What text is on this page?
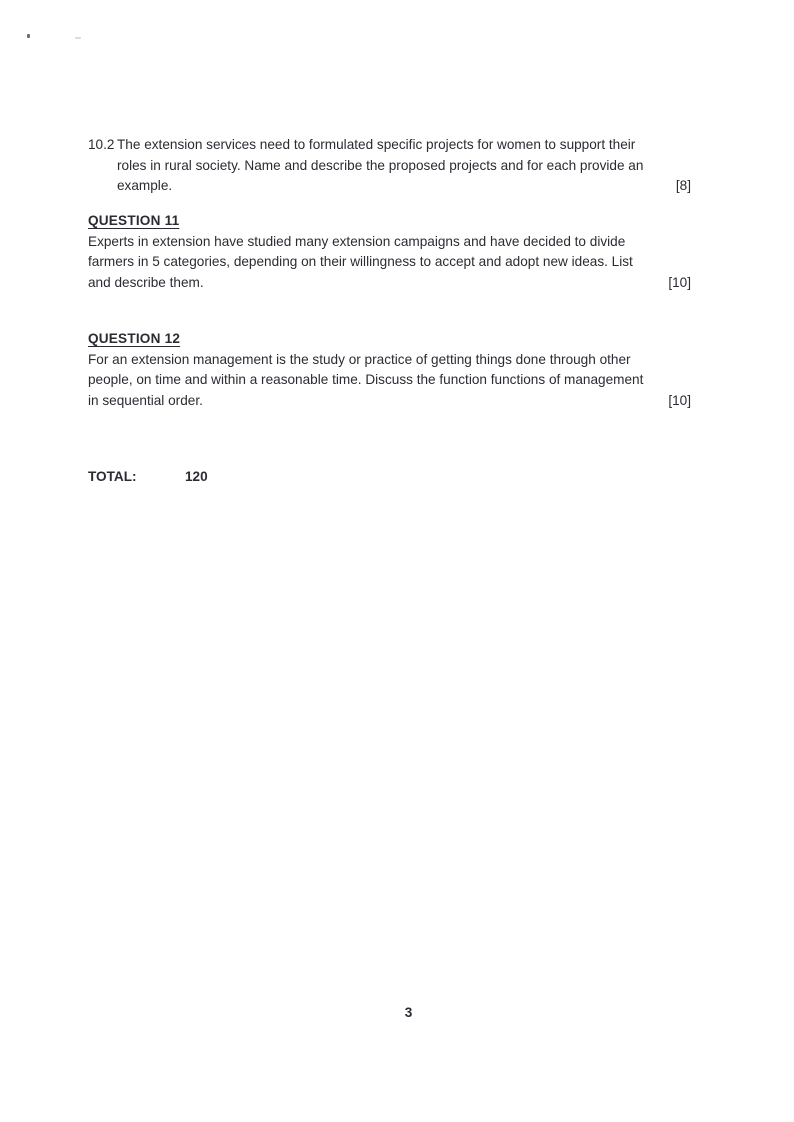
10.2 The extension services need to formulated specific projects for women to support their
roles in rural society. Name and describe the proposed projects and for each provide an
example.	[8]
QUESTION 11
Experts in extension have studied many extension campaigns and have decided to divide
farmers in 5 categories, depending on their willingness to accept and adopt new ideas. List
and describe them.	[10]
QUESTION 12
For an extension management is the study or practice of getting things done through other
people, on time and within a reasonable time. Discuss the function functions of management
in sequential order.	[10]
TOTAL:	120
3
